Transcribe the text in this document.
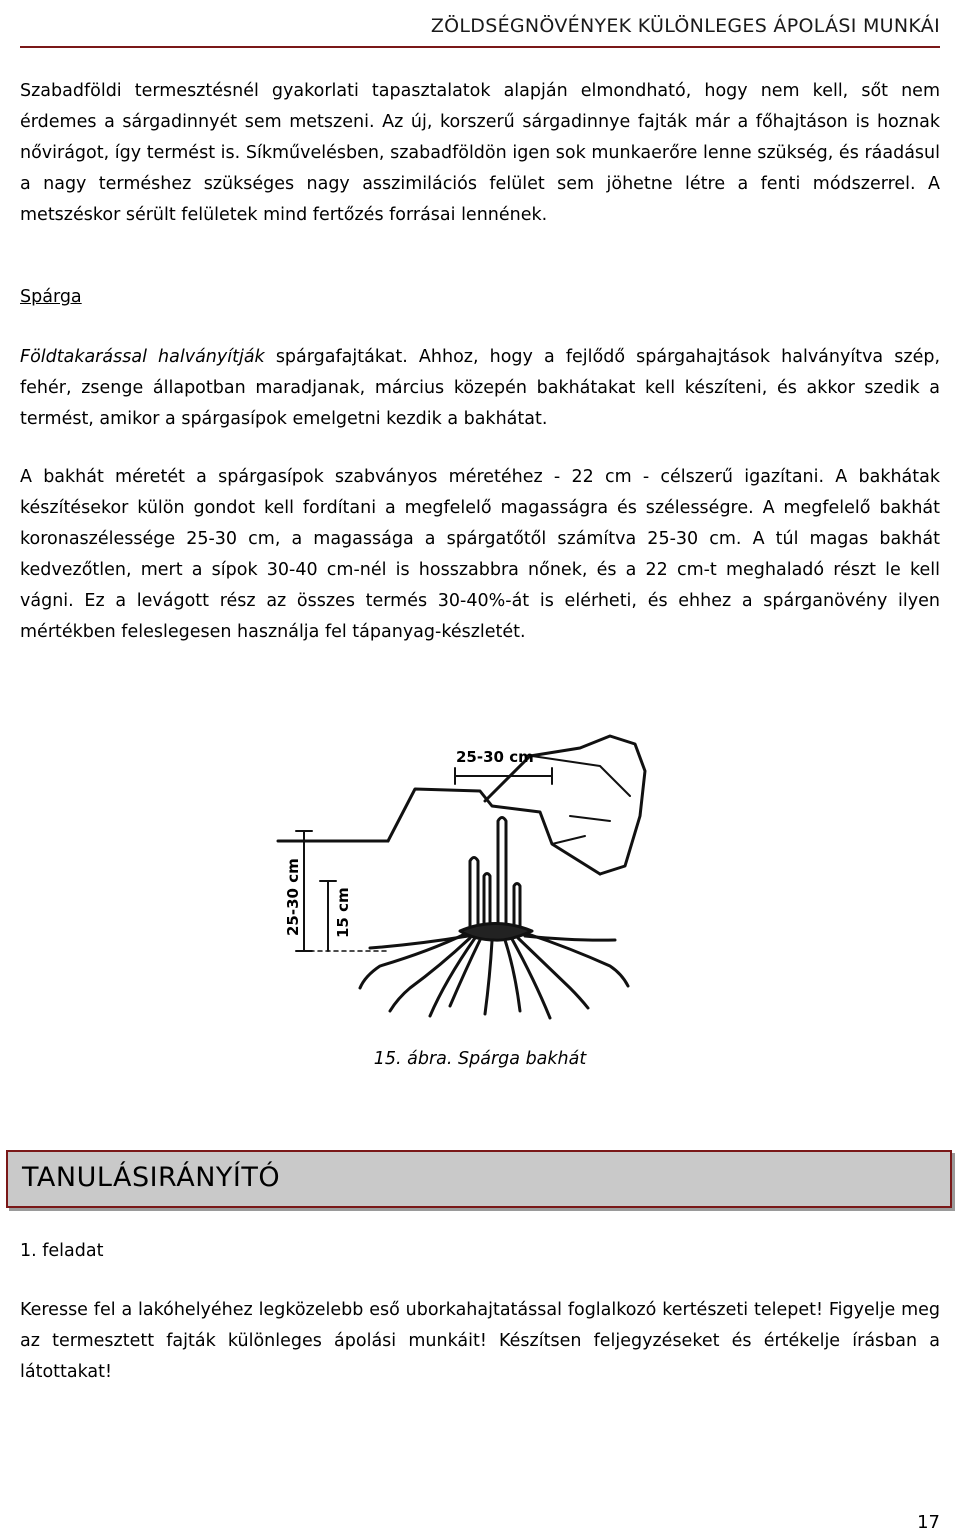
ZÖLDSÉGNÖVÉNYEK KÜLÖNLEGES ÁPOLÁSI MUNKÁI

Szabadföldi termesztésnél gyakorlati tapasztalatok alapján elmondható, hogy nem kell, sőt nem érdemes a sárgadinnyét sem metszeni. Az új, korszerű sárgadinnye fajták már a főhajtáson is hoznak nővirágot, így termést is. Síkművelésben, szabadföldön igen sok munkaerőre lenne szükség, és ráadásul a nagy terméshez szükséges nagy asszimilációs felület sem jöhetne létre a fenti módszerrel. A metszéskor sérült felületek mind fertőzés forrásai lennének.

Spárga

Földtakarással halványítják spárgafajtákat. Ahhoz, hogy a fejlődő spárgahajtások halványítva szép, fehér, zsenge állapotban maradjanak, március közepén bakhátakat kell készíteni, és akkor szedik a termést, amikor a spárgasípok emelgetni kezdik a bakhátat.

A bakhát méretét a spárgasípok szabványos méretéhez - 22 cm - célszerű igazítani. A bakhátak készítésekor külön gondot kell fordítani a megfelelő magasságra és szélességre. A megfelelő bakhát koronaszélessége 25-30 cm, a magassága a spárgatőtől számítva 25-30 cm. A túl magas bakhát kedvezőtlen, mert a sípok 30-40 cm-nél is hosszabbra nőnek, és a 22 cm-t meghaladó részt le kell vágni. Ez a levágott rész az összes termés 30-40%-át is elérheti, és ehhez a spárganövény ilyen mértékben feleslegesen használja fel tápanyag-készletét.

25-30 cm
25-30 cm 15 cm
15. ábra. Spárga bakhát
TANULÁSIRÁNYÍTÓ
1. feladat

Keresse fel a lakóhelyéhez legközelebb eső uborkahajtatással foglalkozó kertészeti telepet! Figyelje meg az termesztett fajták különleges ápolási munkáit! Készítsen feljegyzéseket és értékelje írásban a látottakat!

17
